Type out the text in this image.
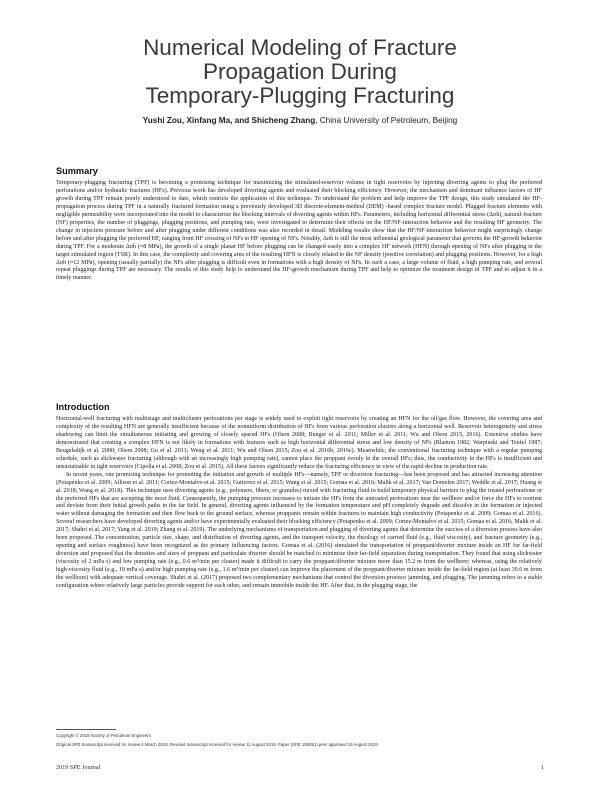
Numerical Modeling of Fracture
Propagation During
Temporary-Plugging Fracturing
Yushi Zou, Xinfang Ma, and Shicheng Zhang, China University of Petroleum, Beijing
Summary

Temporary-plugging fracturing (TPF) is becoming a promising technique for maximizing the stimulated-reservoir volume in tight reservoirs by injecting diverting agents to plug the preferred perforations and/or hydraulic fractures (HFs). Previous work has developed diverting agents and evaluated their blocking efficiency. However, the mechanism and dominant influence factors of HF growth during TPF remain poorly understood to date, which restricts the application of this technique. To understand the problem and help improve the TPF design, this study simulated the HF-propagation process during TPF in a naturally fractured formation using a previously developed 3D discrete-element-method (DEM) -based complex fracture model. Plugged fracture elements with negligible permeability were incorporated into the model to characterize the blocking intervals of diverting agents within HFs. Parameters, including horizontal differential stress (Δσh), natural-fracture (NF) properties, the number of pluggings, plugging positions, and pumping rate, were investigated to determine their effects on the HF/NF-interaction behavior and the resulting HF geometry. The change in injection pressure before and after plugging under different conditions was also recorded in detail. Modeling results show that the HF/NF-interaction behavior might surprisingly change before and after plugging the preferred HF, ranging from HF crossing of NFs to HF opening of NFs. Notably, Δσh is still the most influential geological parameter that governs the HF-growth behavior during TPF. For a moderate Δσh (≈8 MPa), the growth of a single planar HF before plugging can be changed easily into a complex HF network (HFN) through opening of NFs after plugging in the target stimulated region (TSR). In this case, the complexity and covering area of the resulting HFN is closely related to the NF density (positive correlation) and plugging positions. However, for a high Δσh (≈12 MPa), opening (usually partially) the NFs after plugging is difficult even in formations with a high density of NFs. In such a case, a large volume of fluid, a high pumping rate, and several repeat pluggings during TPF are necessary. The results of this study help to understand the HF-growth mechanism during TPF and help to optimize the treatment design of TPF and to adjust it in a timely manner.

Introduction

Horizontal-well fracturing with multistage and multicluster perforations per stage is widely used to exploit tight reservoirs by creating an HFN for the oil/gas flow. However, the covering area and complexity of the resulting HFN are generally insufficient because of the nonuniform distribution of HFs from various perforation clusters along a horizontal well. Reservoir heterogeneity and stress shadowing can limit the simultaneous initiating and growing of closely spaced HFs (Olson 2008; Bunger et al. 2011; Miller et al. 2011; Wu and Olson 2015, 2016). Extensive studies have demonstrated that creating a complex HFN is not likely in formations with features such as high horizontal differential stress and low density of NFs (Blanton 1982; Warpinski and Teufel 1987; Beugelsdijk et al. 2000; Olson 2008; Gu et al. 2011; Weng et al. 2011; Wu and Olson 2015; Zou et al. 2016b, 2016c). Meanwhile, the conventional fracturing technique with a regular pumping schedule, such as slickwater fracturing (although with an increasingly high pumping rate), cannot place the proppant evenly in the overall HFs; thus, the conductivity in the HFs is insufficient and unsustainable in tight reservoirs (Cipolla et al. 2008; Zou et al. 2015). All these factors significantly reduce the fracturing efficiency in view of the rapid decline in production rate.

In recent years, one promising technique for promoting the initiation and growth of multiple HFs—namely, TPF or diversion fracturing—has been proposed and has attracted increasing attention (Potapenko et al. 2009; Allison et al. 2011; Cortez-Montalvo et al. 2015; Gutierrez et al. 2015; Wang et al. 2015; Gomaa et al. 2016; Malik et al. 2017; Van Domelen 2017; Weddle et al. 2017; Huang et al. 2018; Wang et al. 2018). This technique uses diverting agents (e.g., polymers, fibers, or granules) mixed with fracturing fluid to build temporary physical barriers to plug the treated perforations or the preferred HFs that are accepting the most fluid. Consequently, the pumping pressure increases to initiate the HFs from the untreated perforations near the wellbore and/or force the HFs to reorient and deviate from their initial growth paths in the far field. In general, diverting agents influenced by the formation temperature and pH completely degrade and dissolve in the formation or injected water without damaging the formation and then flow back to the ground surface, whereas proppants remain within fractures to maintain high conductivity (Potapenko et al. 2009; Gomaa et al. 2016). Several researchers have developed diverting agents and/or have experimentally evaluated their blocking efficiency (Potapenko et al. 2009; Cortez-Montalvo et al. 2015; Gomaa et al. 2016; Malik et al. 2017; Shahri et al. 2017; Yang et al. 2019; Zhang et al. 2019). The underlying mechanisms of transportation and plugging of diverting agents that determine the success of a diversion process have also been proposed. The concentration, particle size, shape, and distribution of diverting agents, and the transport velocity, the rheology of carried fluid (e.g., fluid viscosity), and fracture geometry (e.g., opening and surface roughness) have been recognized as the primary influencing factors. Gomaa et al. (2016) simulated the transportation of proppant/diverter mixture inside an HF for far-field diversion and proposed that the densities and sizes of proppant and particulate diverter should be matched to minimize their far-field separation during transportation. They found that using slickwater (viscosity of 2 mPa·s) and low pumping rate (e.g., 0.6 m³/min per cluster) made it difficult to carry the proppant/diverter mixture more than 15.2 m from the wellbore; whereas, using the relatively high-viscosity fluid (e.g., 10 mPa·s) and/or high pumping rate (e.g., 1.6 m³/min per cluster) can improve the placement of the proppant/diverter mixture inside the far-field region (at least 39.6 m from the wellbore) with adequate vertical coverage. Shahri et al. (2017) proposed two complementary mechanisms that control the diversion process: jamming, and plugging. The jamming refers to a stable configuration where relatively large particles provide support for each other, and remain immobile inside the HF. After that, in the plugging stage, the

Copyright © 2019 Society of Petroleum Engineers
Original SPE manuscript received for review 4 March 2019. Revised manuscript received for review 11 August 2019. Paper (SPE 199351) peer approved 19 August 2019.
2019 SPE Journal	1
